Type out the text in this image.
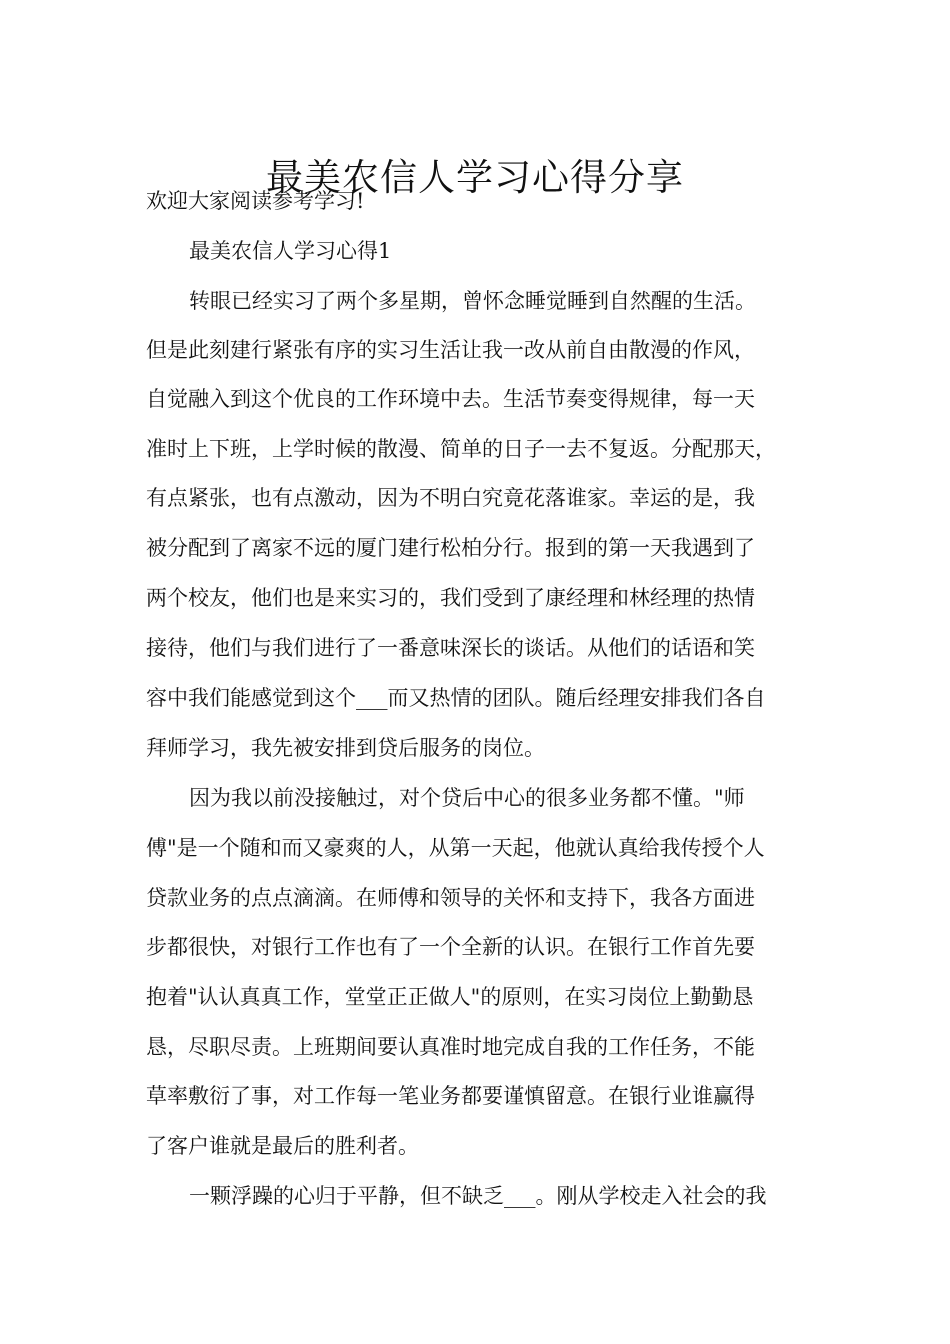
最美农信人学习心得分享
欢迎大家阅读参考学习!
最美农信人学习心得1
转眼已经实习了两个多星期，曾怀念睡觉睡到自然醒的生活。
但是此刻建行紧张有序的实习生活让我一改从前自由散漫的作风，
自觉融入到这个优良的工作环境中去。生活节奏变得规律，每一天
准时上下班，上学时候的散漫、简单的日子一去不复返。分配那天，
有点紧张，也有点激动，因为不明白究竟花落谁家。幸运的是，我
被分配到了离家不远的厦门建行松柏分行。报到的第一天我遇到了
两个校友，他们也是来实习的，我们受到了康经理和林经理的热情
接待，他们与我们进行了一番意味深长的谈话。从他们的话语和笑
容中我们能感觉到这个___而又热情的团队。随后经理安排我们各自
拜师学习，我先被安排到贷后服务的岗位。
因为我以前没接触过，对个贷后中心的很多业务都不懂。"师
傅"是一个随和而又豪爽的人，从第一天起，他就认真给我传授个人
贷款业务的点点滴滴。在师傅和领导的关怀和支持下，我各方面进
步都很快，对银行工作也有了一个全新的认识。在银行工作首先要
抱着"认认真真工作，堂堂正正做人"的原则，在实习岗位上勤勤恳
恳，尽职尽责。上班期间要认真准时地完成自我的工作任务，不能
草率敷衍了事，对工作每一笔业务都要谨慎留意。在银行业谁赢得
了客户谁就是最后的胜利者。
一颗浮躁的心归于平静，但不缺乏___。刚从学校走入社会的我
